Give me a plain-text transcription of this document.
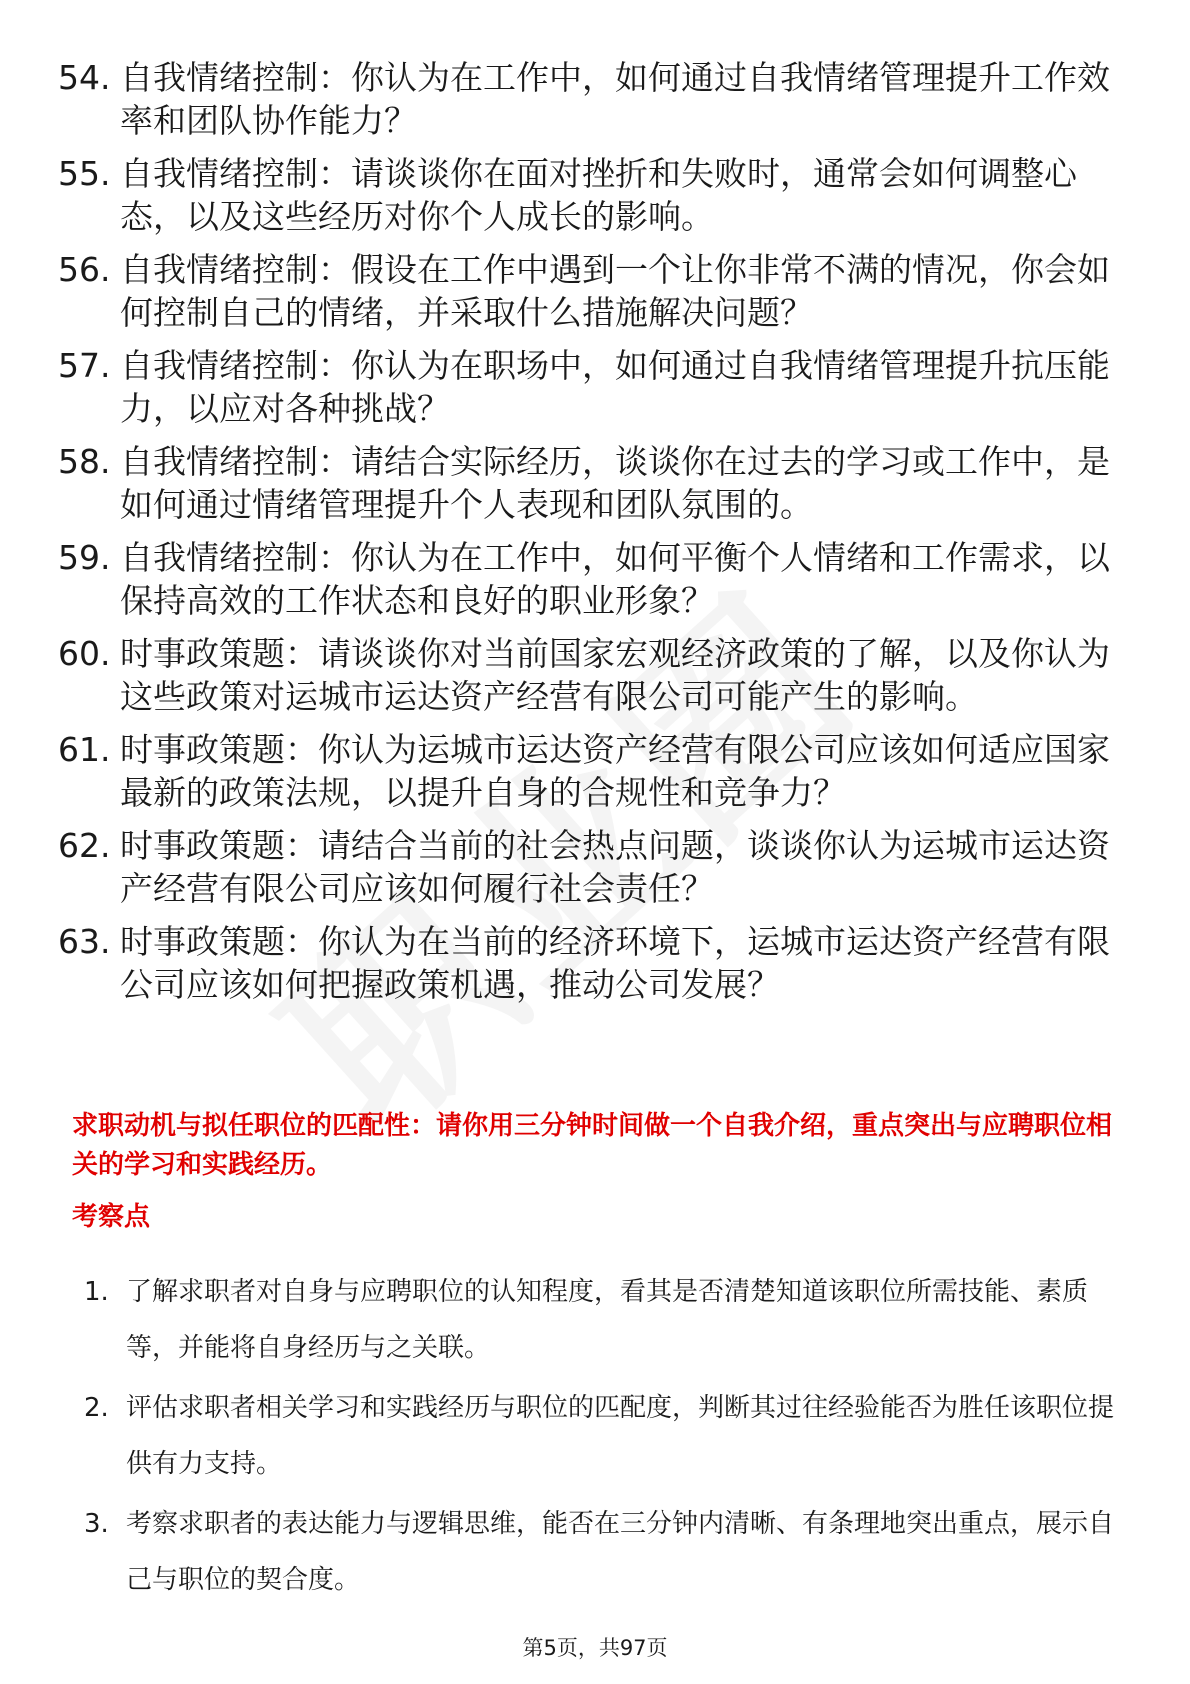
54. 自我情绪控制：你认为在工作中，如何通过自我情绪管理提升工作效率和团队协作能力？
55. 自我情绪控制：请谈谈你在面对挫折和失败时，通常会如何调整心态，以及这些经历对你个人成长的影响。
56. 自我情绪控制：假设在工作中遇到一个让你非常不满的情况，你会如何控制自己的情绪，并采取什么措施解决问题？
57. 自我情绪控制：你认为在职场中，如何通过自我情绪管理提升抗压能力，以应对各种挑战？
58. 自我情绪控制：请结合实际经历，谈谈你在过去的学习或工作中，是如何通过情绪管理提升个人表现和团队氛围的。
59. 自我情绪控制：你认为在工作中，如何平衡个人情绪和工作需求，以保持高效的工作状态和良好的职业形象？
60. 时事政策题：请谈谈你对当前国家宏观经济政策的了解，以及你认为这些政策对运城市运达资产经营有限公司可能产生的影响。
61. 时事政策题：你认为运城市运达资产经营有限公司应该如何适应国家最新的政策法规，以提升自身的合规性和竞争力？
62. 时事政策题：请结合当前的社会热点问题，谈谈你认为运城市运达资产经营有限公司应该如何履行社会责任？
63. 时事政策题：你认为在当前的经济环境下，运城市运达资产经营有限公司应该如何把握政策机遇，推动公司发展？
求职动机与拟任职位的匹配性：请你用三分钟时间做一个自我介绍，重点突出与应聘职位相关的学习和实践经历。
考察点
1. 了解求职者对自身与应聘职位的认知程度，看其是否清楚知道该职位所需技能、素质等，并能将自身经历与之关联。
2. 评估求职者相关学习和实践经历与职位的匹配度，判断其过往经验能否为胜任该职位提供有力支持。
3. 考察求职者的表达能力与逻辑思维，能否在三分钟内清晰、有条理地突出重点，展示自己与职位的契合度。
第5页，共97页
